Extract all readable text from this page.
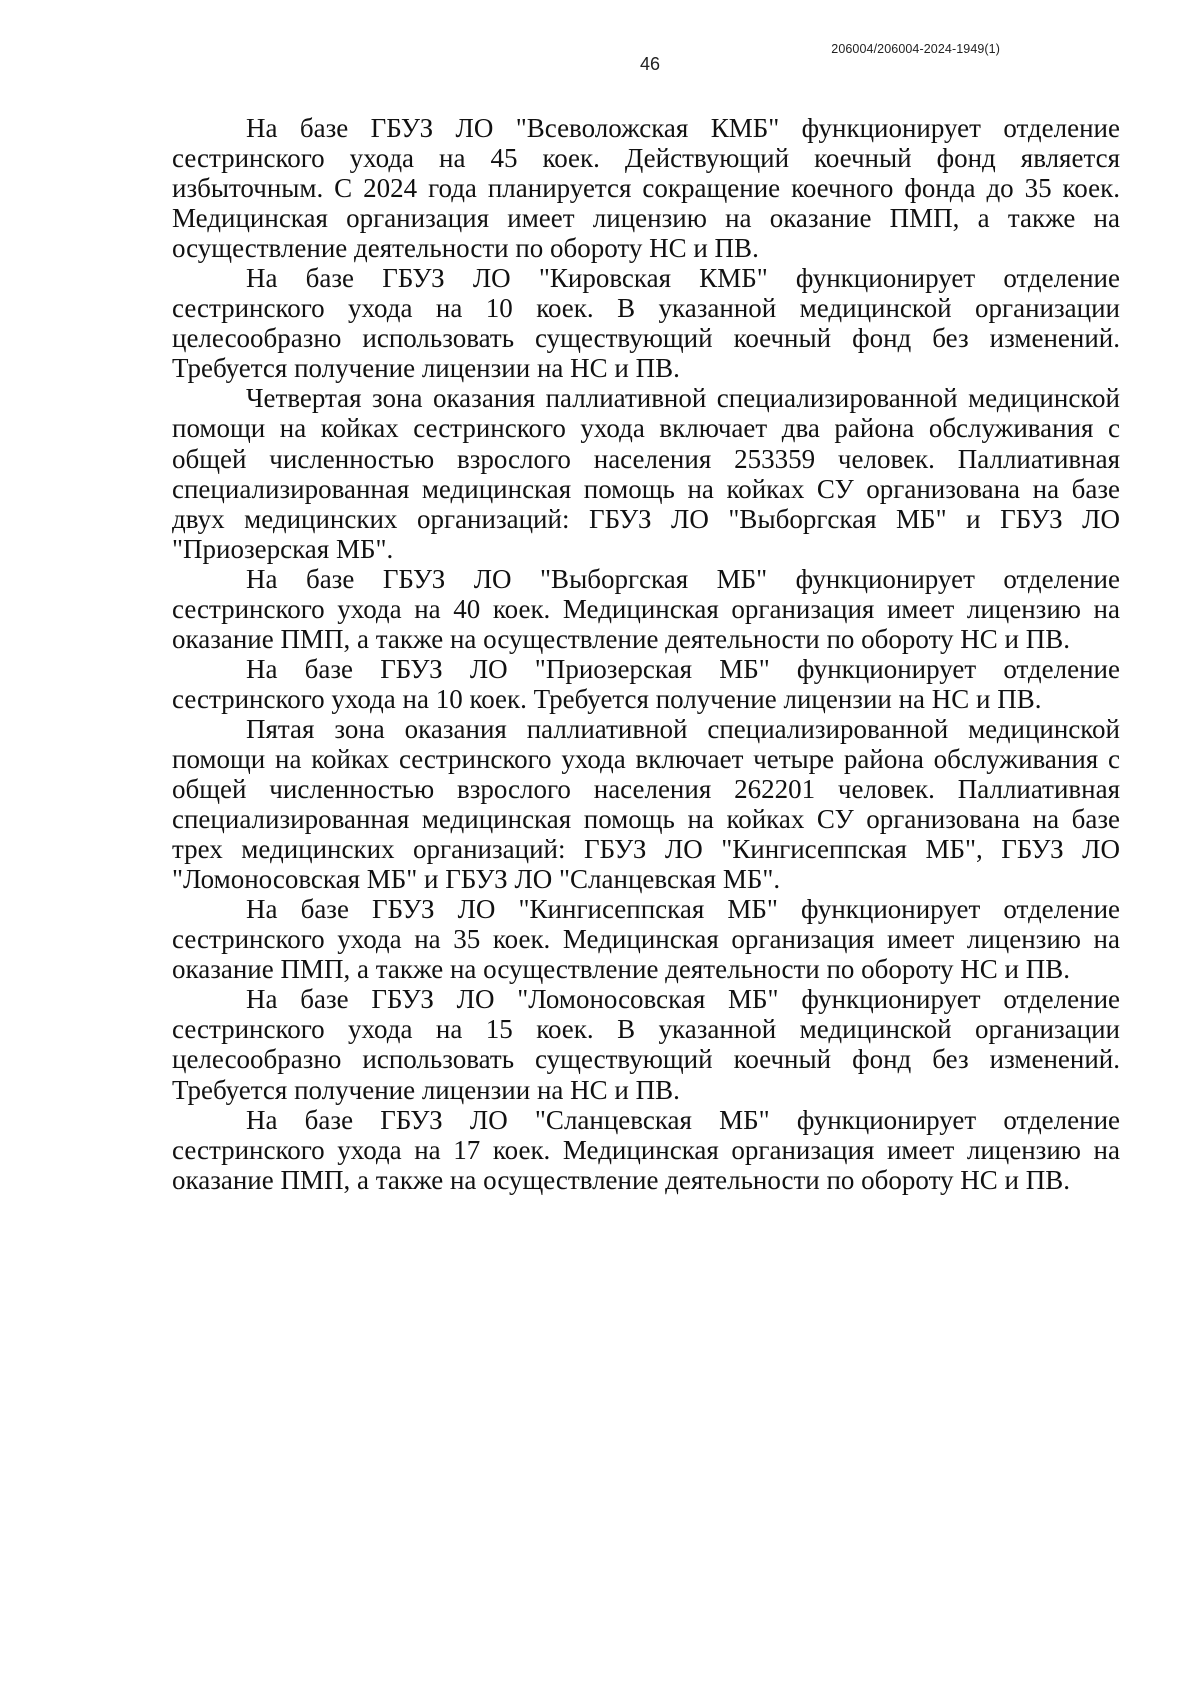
206004/206004-2024-1949(1)
46

На базе ГБУЗ ЛО "Всеволожская КМБ" функционирует отделение сестринского ухода на 45 коек. Действующий коечный фонд является избыточным. С 2024 года планируется сокращение коечного фонда до 35 коек. Медицинская организация имеет лицензию на оказание ПМП, а также на осуществление деятельности по обороту НС и ПВ.

На базе ГБУЗ ЛО "Кировская КМБ" функционирует отделение сестринского ухода на 10 коек. В указанной медицинской организации целесообразно использовать существующий коечный фонд без изменений. Требуется получение лицензии на НС и ПВ.

Четвертая зона оказания паллиативной специализированной медицинской помощи на койках сестринского ухода включает два района обслуживания с общей численностью взрослого населения 253359 человек. Паллиативная специализированная медицинская помощь на койках СУ организована на базе двух медицинских организаций: ГБУЗ ЛО "Выборгская МБ" и ГБУЗ ЛО "Приозерская МБ".

На базе ГБУЗ ЛО "Выборгская МБ" функционирует отделение сестринского ухода на 40 коек. Медицинская организация имеет лицензию на оказание ПМП, а также на осуществление деятельности по обороту НС и ПВ.

На базе ГБУЗ ЛО "Приозерская МБ" функционирует отделение сестринского ухода на 10 коек. Требуется получение лицензии на НС и ПВ.

Пятая зона оказания паллиативной специализированной медицинской помощи на койках сестринского ухода включает четыре района обслуживания с общей численностью взрослого населения 262201 человек. Паллиативная специализированная медицинская помощь на койках СУ организована на базе трех медицинских организаций: ГБУЗ ЛО "Кингисеппская МБ", ГБУЗ ЛО "Ломоносовская МБ" и ГБУЗ ЛО "Сланцевская МБ".

На базе ГБУЗ ЛО "Кингисеппская МБ" функционирует отделение сестринского ухода на 35 коек. Медицинская организация имеет лицензию на оказание ПМП, а также на осуществление деятельности по обороту НС и ПВ.

На базе ГБУЗ ЛО "Ломоносовская МБ" функционирует отделение сестринского ухода на 15 коек. В указанной медицинской организации целесообразно использовать существующий коечный фонд без изменений. Требуется получение лицензии на НС и ПВ.

На базе ГБУЗ ЛО "Сланцевская МБ" функционирует отделение сестринского ухода на 17 коек. Медицинская организация имеет лицензию на оказание ПМП, а также на осуществление деятельности по обороту НС и ПВ.
